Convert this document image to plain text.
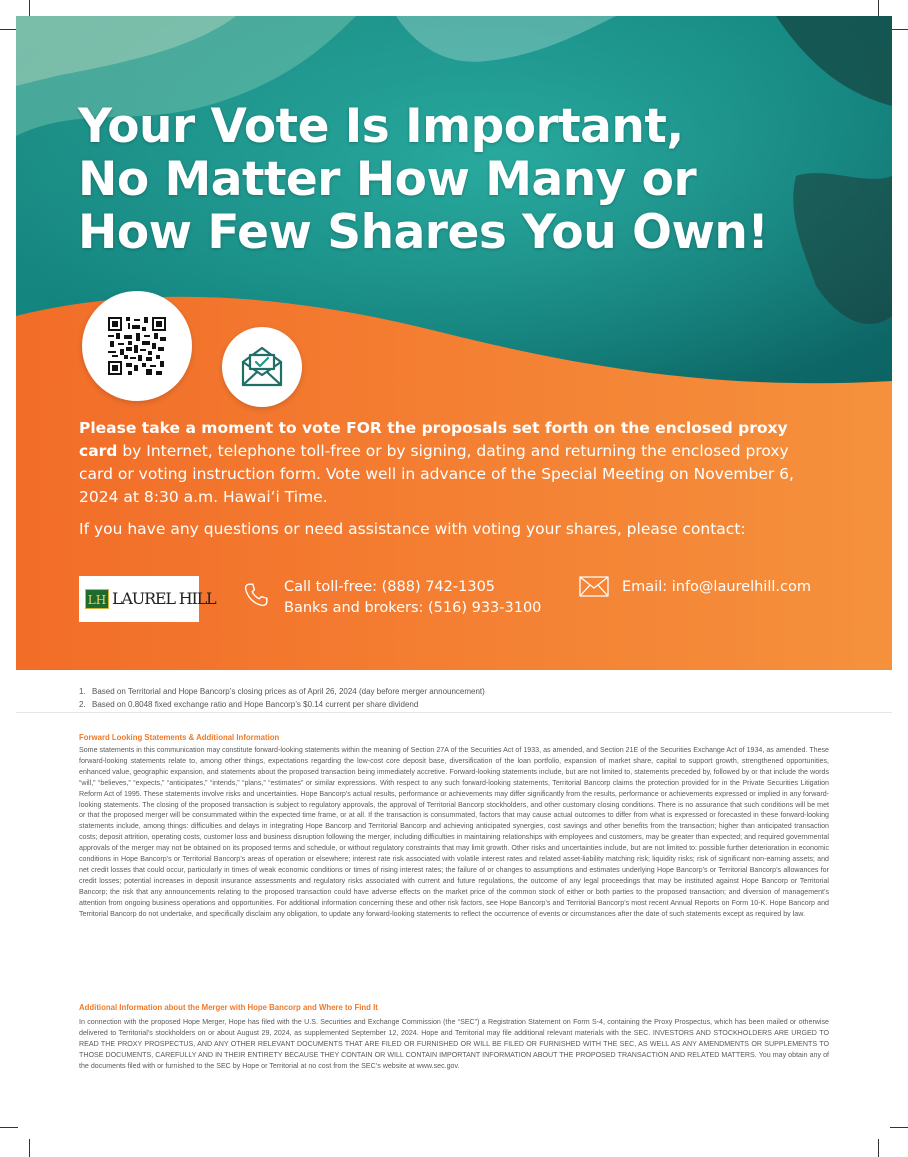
Your Vote Is Important,
No Matter How Many or
How Few Shares You Own!

Please take a moment to vote FOR the proposals set forth on the enclosed proxy card by Internet, telephone toll-free or by signing, dating and returning the enclosed proxy card or voting instruction form. Vote well in advance of the Special Meeting on November 6, 2024 at 8:30 a.m. Hawaiʻi Time.

If you have any questions or need assistance with voting your shares, please contact:

LH LAUREL HILL
Call toll-free: (888) 742-1305
Banks and brokers: (516) 933-3100
Email: info@laurelhill.com
1. Based on Territorial and Hope Bancorp’s closing prices as of April 26, 2024 (day before merger announcement)
2. Based on 0.8048 fixed exchange ratio and Hope Bancorp’s $0.14 current per share dividend
Forward Looking Statements & Additional Information

Some statements in this communication may constitute forward-looking statements within the meaning of Section 27A of the Securities Act of 1933, as amended, and Section 21E of the Securities Exchange Act of 1934, as amended. These forward-looking statements relate to, among other things, expectations regarding the low-cost core deposit base, diversification of the loan portfolio, expansion of market share, capital to support growth, strengthened opportunities, enhanced value, geographic expansion, and statements about the proposed transaction being immediately accretive. Forward-looking statements include, but are not limited to, statements preceded by, followed by or that include the words “will,” “believes,” “expects,” “anticipates,” “intends,” “plans,” “estimates” or similar expressions. With respect to any such forward-looking statements, Territorial Bancorp claims the protection provided for in the Private Securities Litigation Reform Act of 1995. These statements involve risks and uncertainties. Hope Bancorp’s actual results, performance or achievements may differ significantly from the results, performance or achievements expressed or implied in any forward-looking statements. The closing of the proposed transaction is subject to regulatory approvals, the approval of Territorial Bancorp stockholders, and other customary closing conditions. There is no assurance that such conditions will be met or that the proposed merger will be consummated within the expected time frame, or at all. If the transaction is consummated, factors that may cause actual outcomes to differ from what is expressed or forecasted in these forward-looking statements include, among things: difficulties and delays in integrating Hope Bancorp and Territorial Bancorp and achieving anticipated synergies, cost savings and other benefits from the transaction; higher than anticipated transaction costs; deposit attrition, operating costs, customer loss and business disruption following the merger, including difficulties in maintaining relationships with employees and customers, may be greater than expected; and required governmental approvals of the merger may not be obtained on its proposed terms and schedule, or without regulatory constraints that may limit growth. Other risks and uncertainties include, but are not limited to: possible further deterioration in economic conditions in Hope Bancorp’s or Territorial Bancorp’s areas of operation or elsewhere; interest rate risk associated with volatile interest rates and related asset-liability matching risk; liquidity risks; risk of significant non-earning assets; and net credit losses that could occur, particularly in times of weak economic conditions or times of rising interest rates; the failure of or changes to assumptions and estimates underlying Hope Bancorp’s or Territorial Bancorp’s allowances for credit losses; potential increases in deposit insurance assessments and regulatory risks associated with current and future regulations, the outcome of any legal proceedings that may be instituted against Hope Bancorp or Territorial Bancorp; the risk that any announcements relating to the proposed transaction could have adverse effects on the market price of the common stock of either or both parties to the proposed transaction; and diversion of management’s attention from ongoing business operations and opportunities. For additional information concerning these and other risk factors, see Hope Bancorp’s and Territorial Bancorp’s most recent Annual Reports on Form 10-K. Hope Bancorp and Territorial Bancorp do not undertake, and specifically disclaim any obligation, to update any forward-looking statements to reflect the occurrence of events or circumstances after the date of such statements except as required by law.

Additional Information about the Merger with Hope Bancorp and Where to Find It

In connection with the proposed Hope Merger, Hope has filed with the U.S. Securities and Exchange Commission (the “SEC”) a Registration Statement on Form S-4, containing the Proxy Prospectus, which has been mailed or otherwise delivered to Territorial’s stockholders on or about August 29, 2024, as supplemented September 12, 2024. Hope and Territorial may file additional relevant materials with the SEC. INVESTORS AND STOCKHOLDERS ARE URGED TO READ THE PROXY PROSPECTUS, AND ANY OTHER RELEVANT DOCUMENTS THAT ARE FILED OR FURNISHED OR WILL BE FILED OR FURNISHED WITH THE SEC, AS WELL AS ANY AMENDMENTS OR SUPPLEMENTS TO THOSE DOCUMENTS, CAREFULLY AND IN THEIR ENTIRETY BECAUSE THEY CONTAIN OR WILL CONTAIN IMPORTANT INFORMATION ABOUT THE PROPOSED TRANSACTION AND RELATED MATTERS. You may obtain any of the documents filed with or furnished to the SEC by Hope or Territorial at no cost from the SEC’s website at www.sec.gov.
